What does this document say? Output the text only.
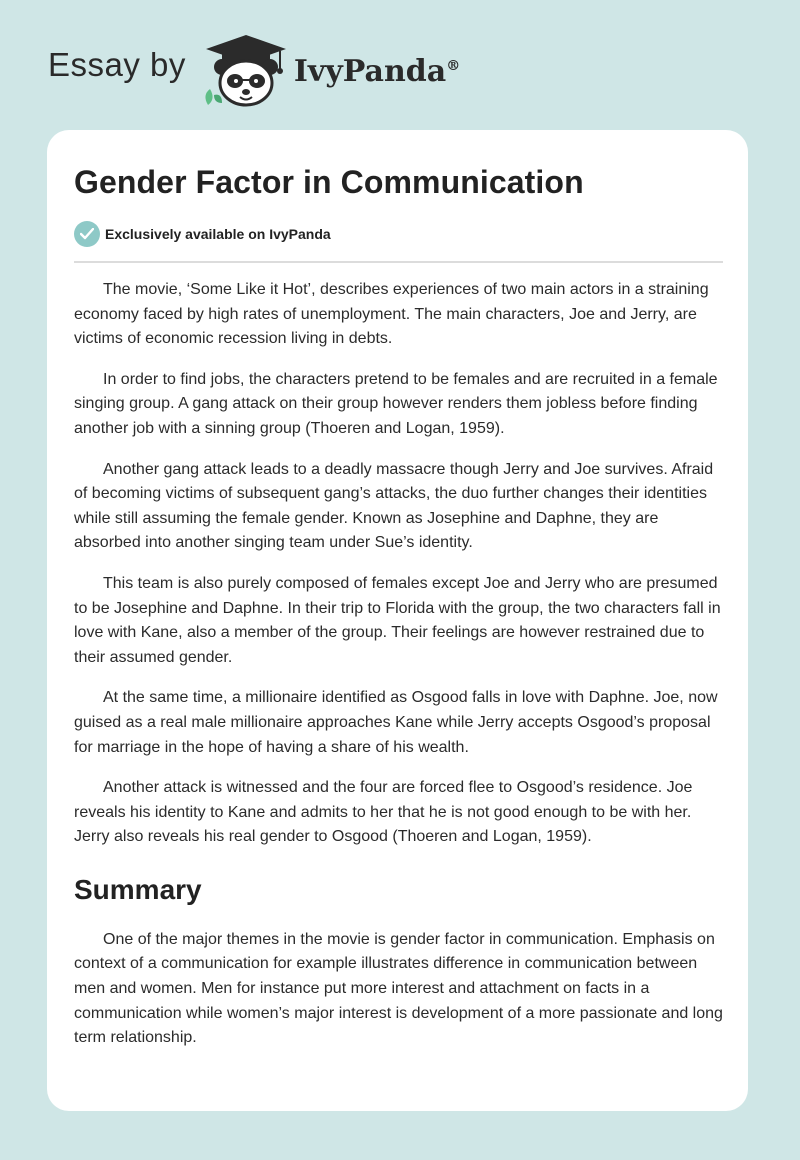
Essay by	IvyPanda®
Gender Factor in Communication
Exclusively available on IvyPanda

The movie, ‘Some Like it Hot’, describes experiences of two main actors in a straining economy faced by high rates of unemployment. The main characters, Joe and Jerry, are victims of economic recession living in debts.

In order to find jobs, the characters pretend to be females and are recruited in a female singing group. A gang attack on their group however renders them jobless before finding another job with a sinning group (Thoeren and Logan, 1959).

Another gang attack leads to a deadly massacre though Jerry and Joe survives. Afraid of becoming victims of subsequent gang’s attacks, the duo further changes their identities while still assuming the female gender. Known as Josephine and Daphne, they are absorbed into another singing team under Sue’s identity.

This team is also purely composed of females except Joe and Jerry who are presumed to be Josephine and Daphne. In their trip to Florida with the group, the two characters fall in love with Kane, also a member of the group. Their feelings are however restrained due to their assumed gender.

At the same time, a millionaire identified as Osgood falls in love with Daphne. Joe, now guised as a real male millionaire approaches Kane while Jerry accepts Osgood’s proposal for marriage in the hope of having a share of his wealth.

Another attack is witnessed and the four are forced flee to Osgood’s residence. Joe reveals his identity to Kane and admits to her that he is not good enough to be with her. Jerry also reveals his real gender to Osgood (Thoeren and Logan, 1959).

Summary

One of the major themes in the movie is gender factor in communication. Emphasis on context of a communication for example illustrates difference in communication between men and women. Men for instance put more interest and attachment on facts in a communication while women’s major interest is development of a more passionate and long term relationship.
